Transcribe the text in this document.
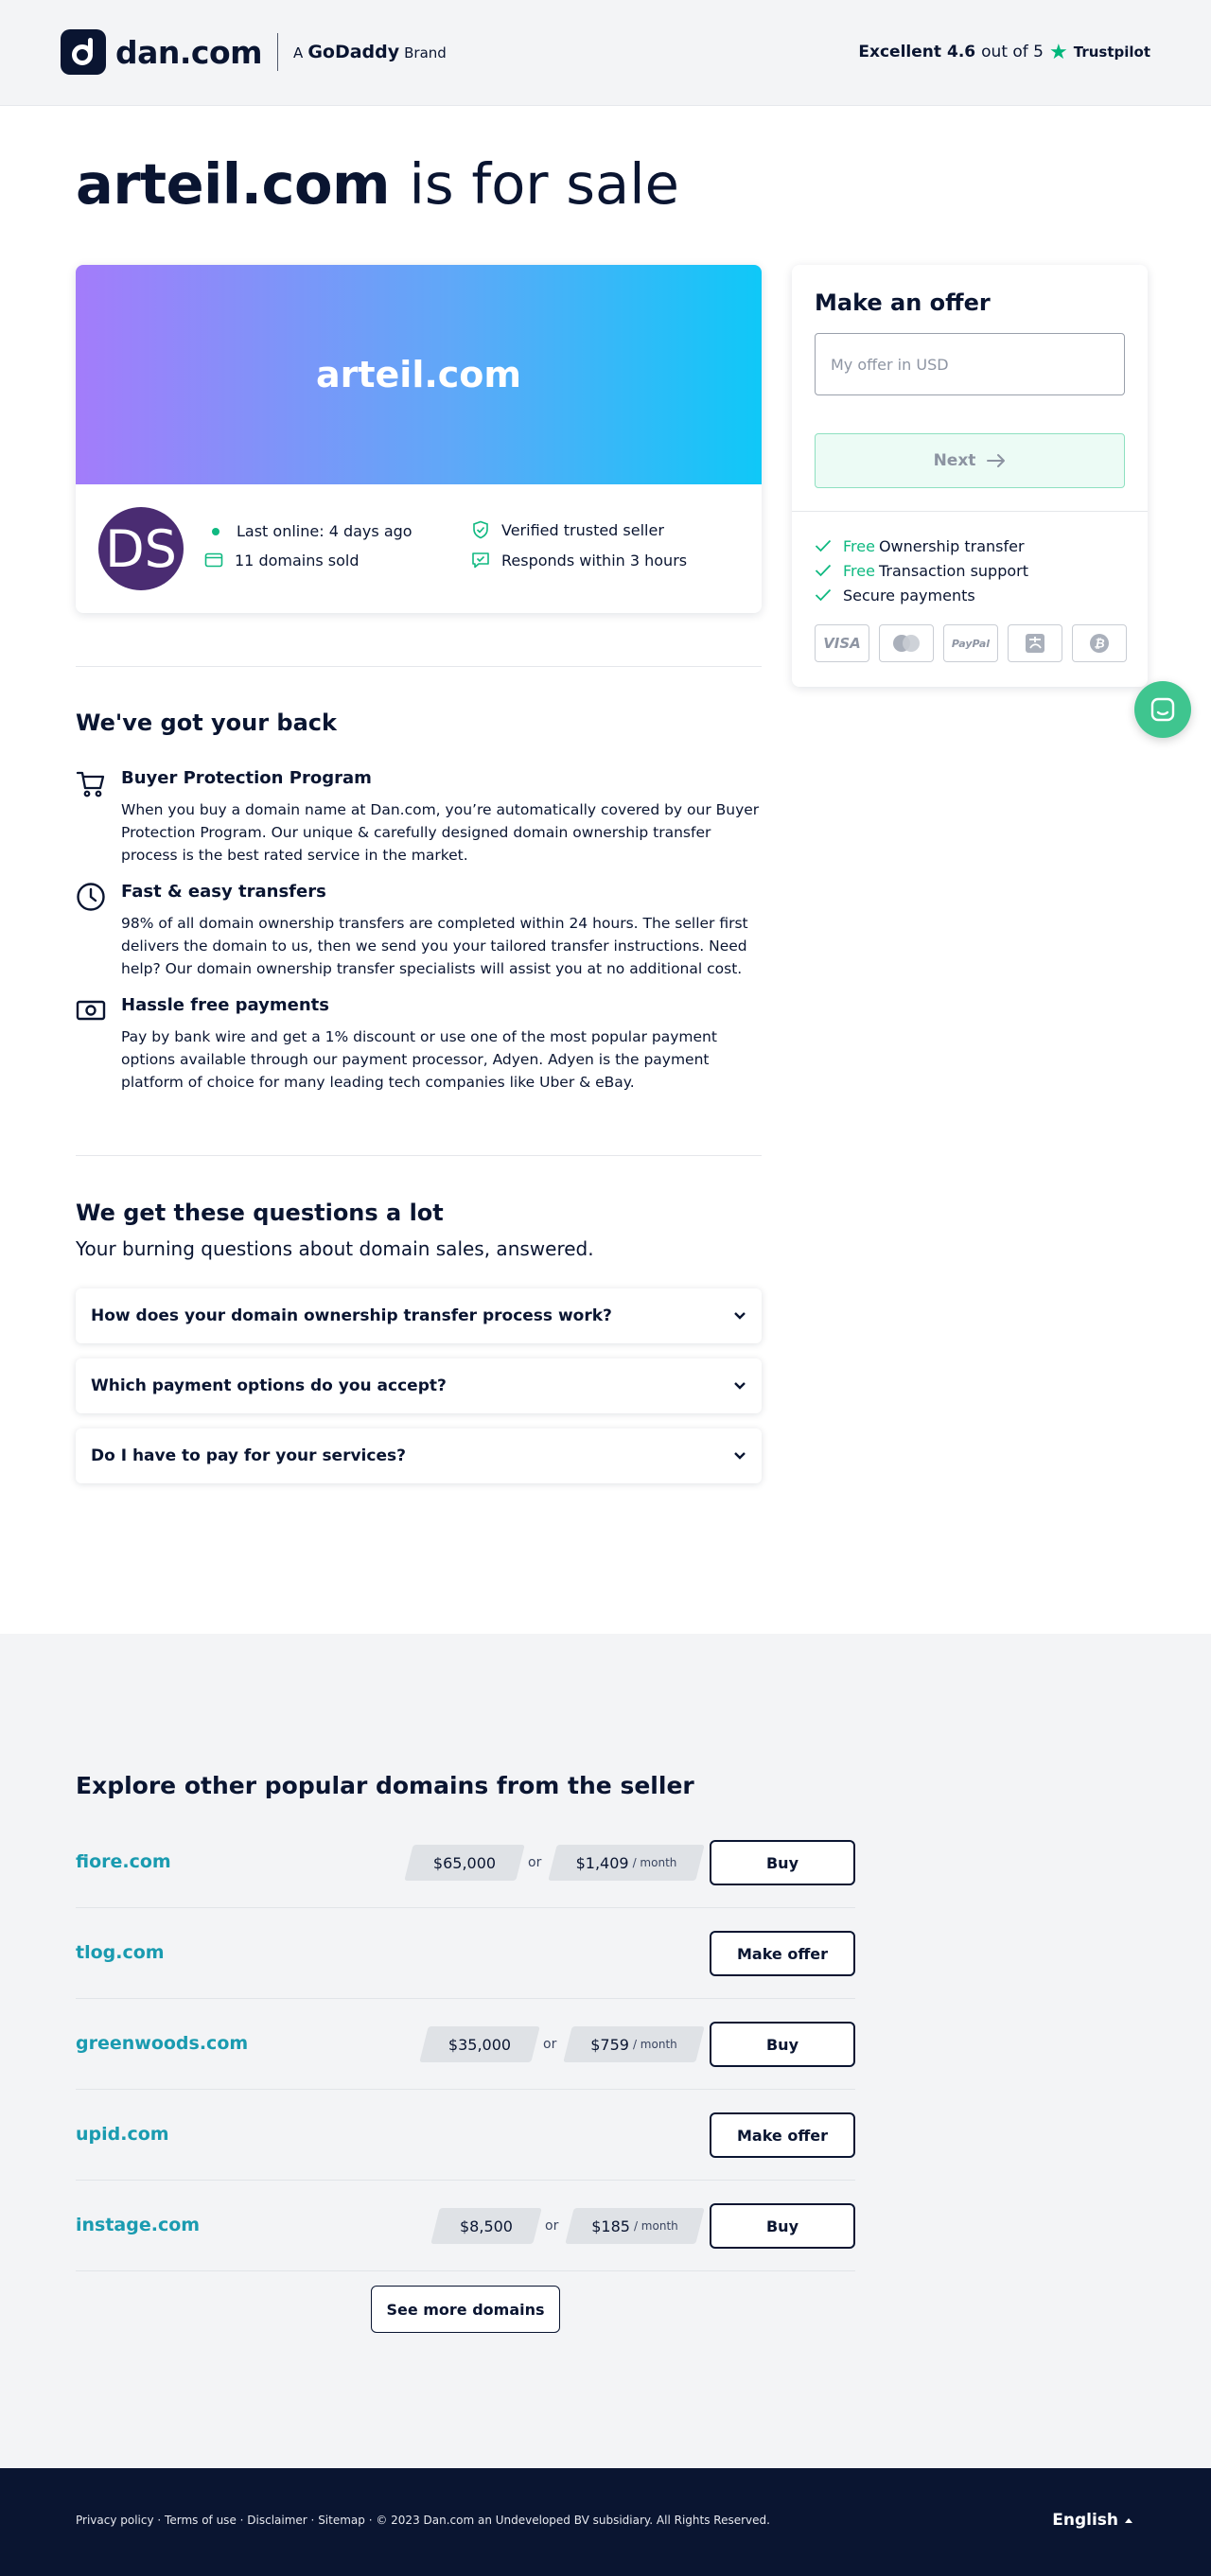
dan.com A GoDaddy Brand	Excellent 4.6 out of 5 ★ Trustpilot
arteil.com is for sale
arteil.com
DS	Last online: 4 days ago
11 domains sold
Verified trusted seller
Responds within 3 hours
Make an offer
My offer in USD
Next
Free Ownership transfer
Free Transaction support
Secure payments
VISA	PayPal	₿
We've got your back
Buyer Protection Program

When you buy a domain name at Dan.com, you’re automatically covered by our Buyer Protection Program. Our unique & carefully designed domain ownership transfer process is the best rated service in the market.

Fast & easy transfers

98% of all domain ownership transfers are completed within 24 hours. The seller first delivers the domain to us, then we send you your tailored transfer instructions. Need help? Our domain ownership transfer specialists will assist you at no additional cost.

Hassle free payments

Pay by bank wire and get a 1% discount or use one of the most popular payment options available through our payment processor, Adyen. Adyen is the payment platform of choice for many leading tech companies like Uber & eBay.

We get these questions a lot

Your burning questions about domain sales, answered.

How does your domain ownership transfer process work?
Which payment options do you accept?
Do I have to pay for your services?
Explore other popular domains from the seller
fiore.com	$65,000 or $1,409 / month	Buy
tlog.com	Make offer
greenwoods.com	$35,000 or $759 / month	Buy
upid.com	Make offer
instage.com	$8,500 or $185 / month	Buy
See more domains
Privacy policy · Terms of use · Disclaimer · Sitemap · © 2023 Dan.com an Undeveloped BV subsidiary. All Rights Reserved.	English
